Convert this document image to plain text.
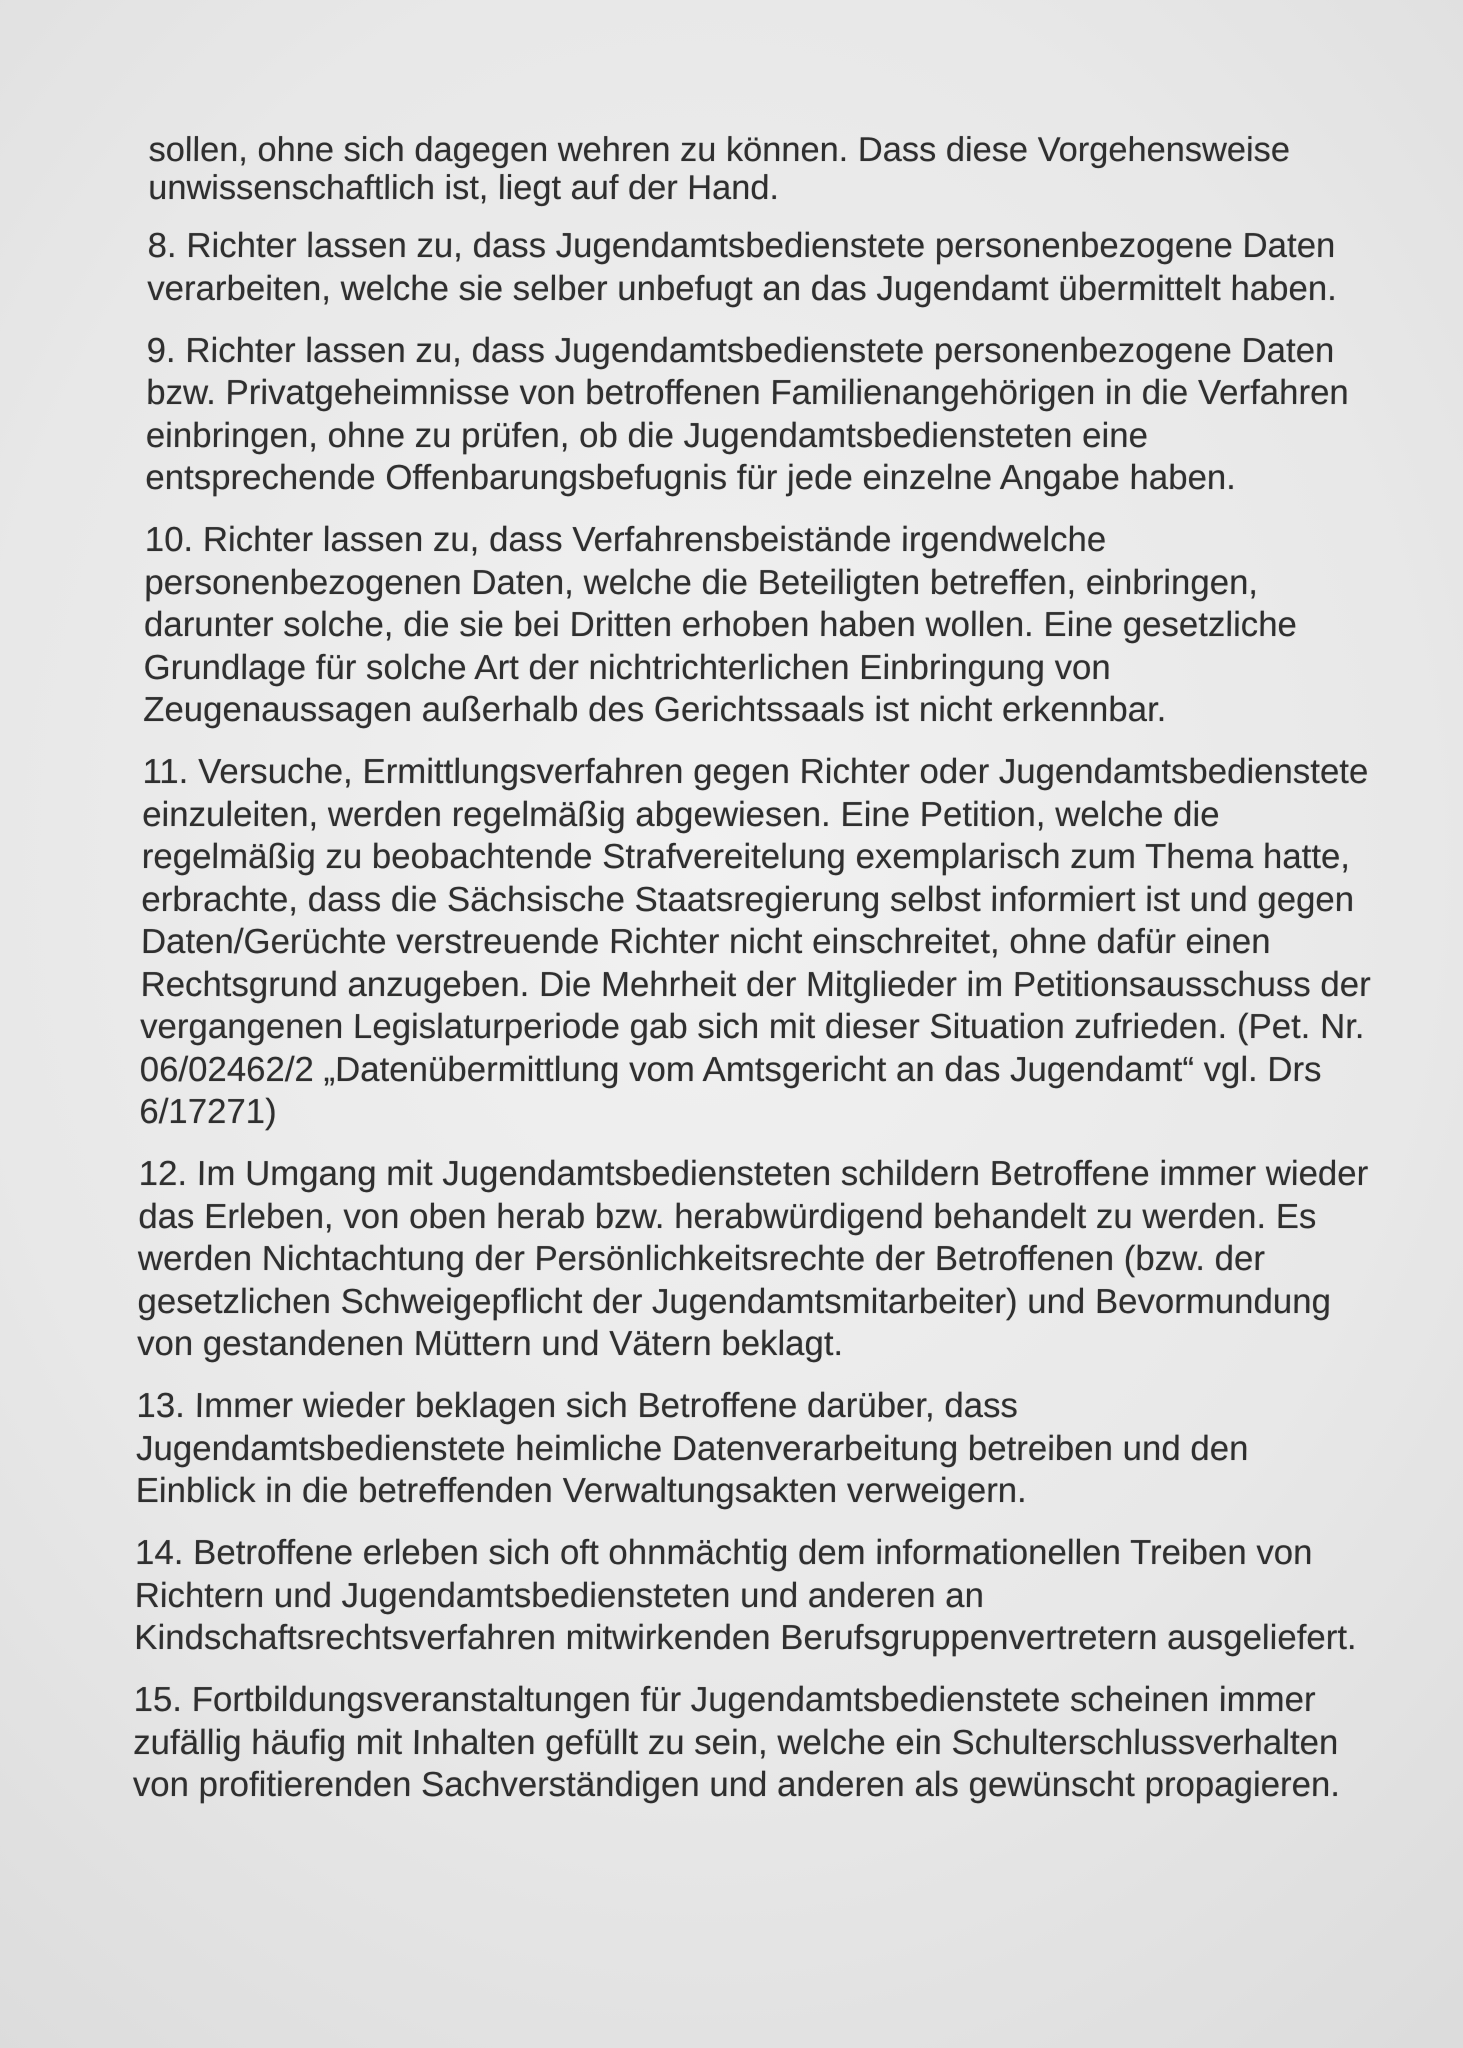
sollen, ohne sich dagegen wehren zu können. Dass diese Vorgehensweise
unwissenschaftlich ist, liegt auf der Hand.
8. Richter lassen zu, dass Jugendamtsbedienstete personenbezogene Daten
verarbeiten, welche sie selber unbefugt an das Jugendamt übermittelt haben.
9. Richter lassen zu, dass Jugendamtsbedienstete personenbezogene Daten
bzw. Privatgeheimnisse von betroffenen Familienangehörigen in die Verfahren
einbringen, ohne zu prüfen, ob die Jugendamtsbediensteten eine
entsprechende Offenbarungsbefugnis für jede einzelne Angabe haben.
10. Richter lassen zu, dass Verfahrensbeistände irgendwelche
personenbezogenen Daten, welche die Beteiligten betreffen, einbringen,
darunter solche, die sie bei Dritten erhoben haben wollen. Eine gesetzliche
Grundlage für solche Art der nichtrichterlichen Einbringung von
Zeugenaussagen außerhalb des Gerichtssaals ist nicht erkennbar.
11. Versuche, Ermittlungsverfahren gegen Richter oder Jugendamtsbedienstete
einzuleiten, werden regelmäßig abgewiesen. Eine Petition, welche die
regelmäßig zu beobachtende Strafvereitelung exemplarisch zum Thema hatte,
erbrachte, dass die Sächsische Staatsregierung selbst informiert ist und gegen
Daten/Gerüchte verstreuende Richter nicht einschreitet, ohne dafür einen
Rechtsgrund anzugeben. Die Mehrheit der Mitglieder im Petitionsausschuss der
vergangenen Legislaturperiode gab sich mit dieser Situation zufrieden. (Pet. Nr.
06/02462/2 „Datenübermittlung vom Amtsgericht an das Jugendamt“ vgl. Drs
6/17271)
12. Im Umgang mit Jugendamtsbediensteten schildern Betroffene immer wieder
das Erleben, von oben herab bzw. herabwürdigend behandelt zu werden. Es
werden Nichtachtung der Persönlichkeitsrechte der Betroffenen (bzw. der
gesetzlichen Schweigepflicht der Jugendamtsmitarbeiter) und Bevormundung
von gestandenen Müttern und Vätern beklagt.
13. Immer wieder beklagen sich Betroffene darüber, dass
Jugendamtsbedienstete heimliche Datenverarbeitung betreiben und den
Einblick in die betreffenden Verwaltungsakten verweigern.
14. Betroffene erleben sich oft ohnmächtig dem informationellen Treiben von
Richtern und Jugendamtsbediensteten und anderen an
Kindschaftsrechtsverfahren mitwirkenden Berufsgruppenvertretern ausgeliefert.
15. Fortbildungsveranstaltungen für Jugendamtsbedienstete scheinen immer
zufällig häufig mit Inhalten gefüllt zu sein, welche ein Schulterschlussverhalten
von profitierenden Sachverständigen und anderen als gewünscht propagieren.
